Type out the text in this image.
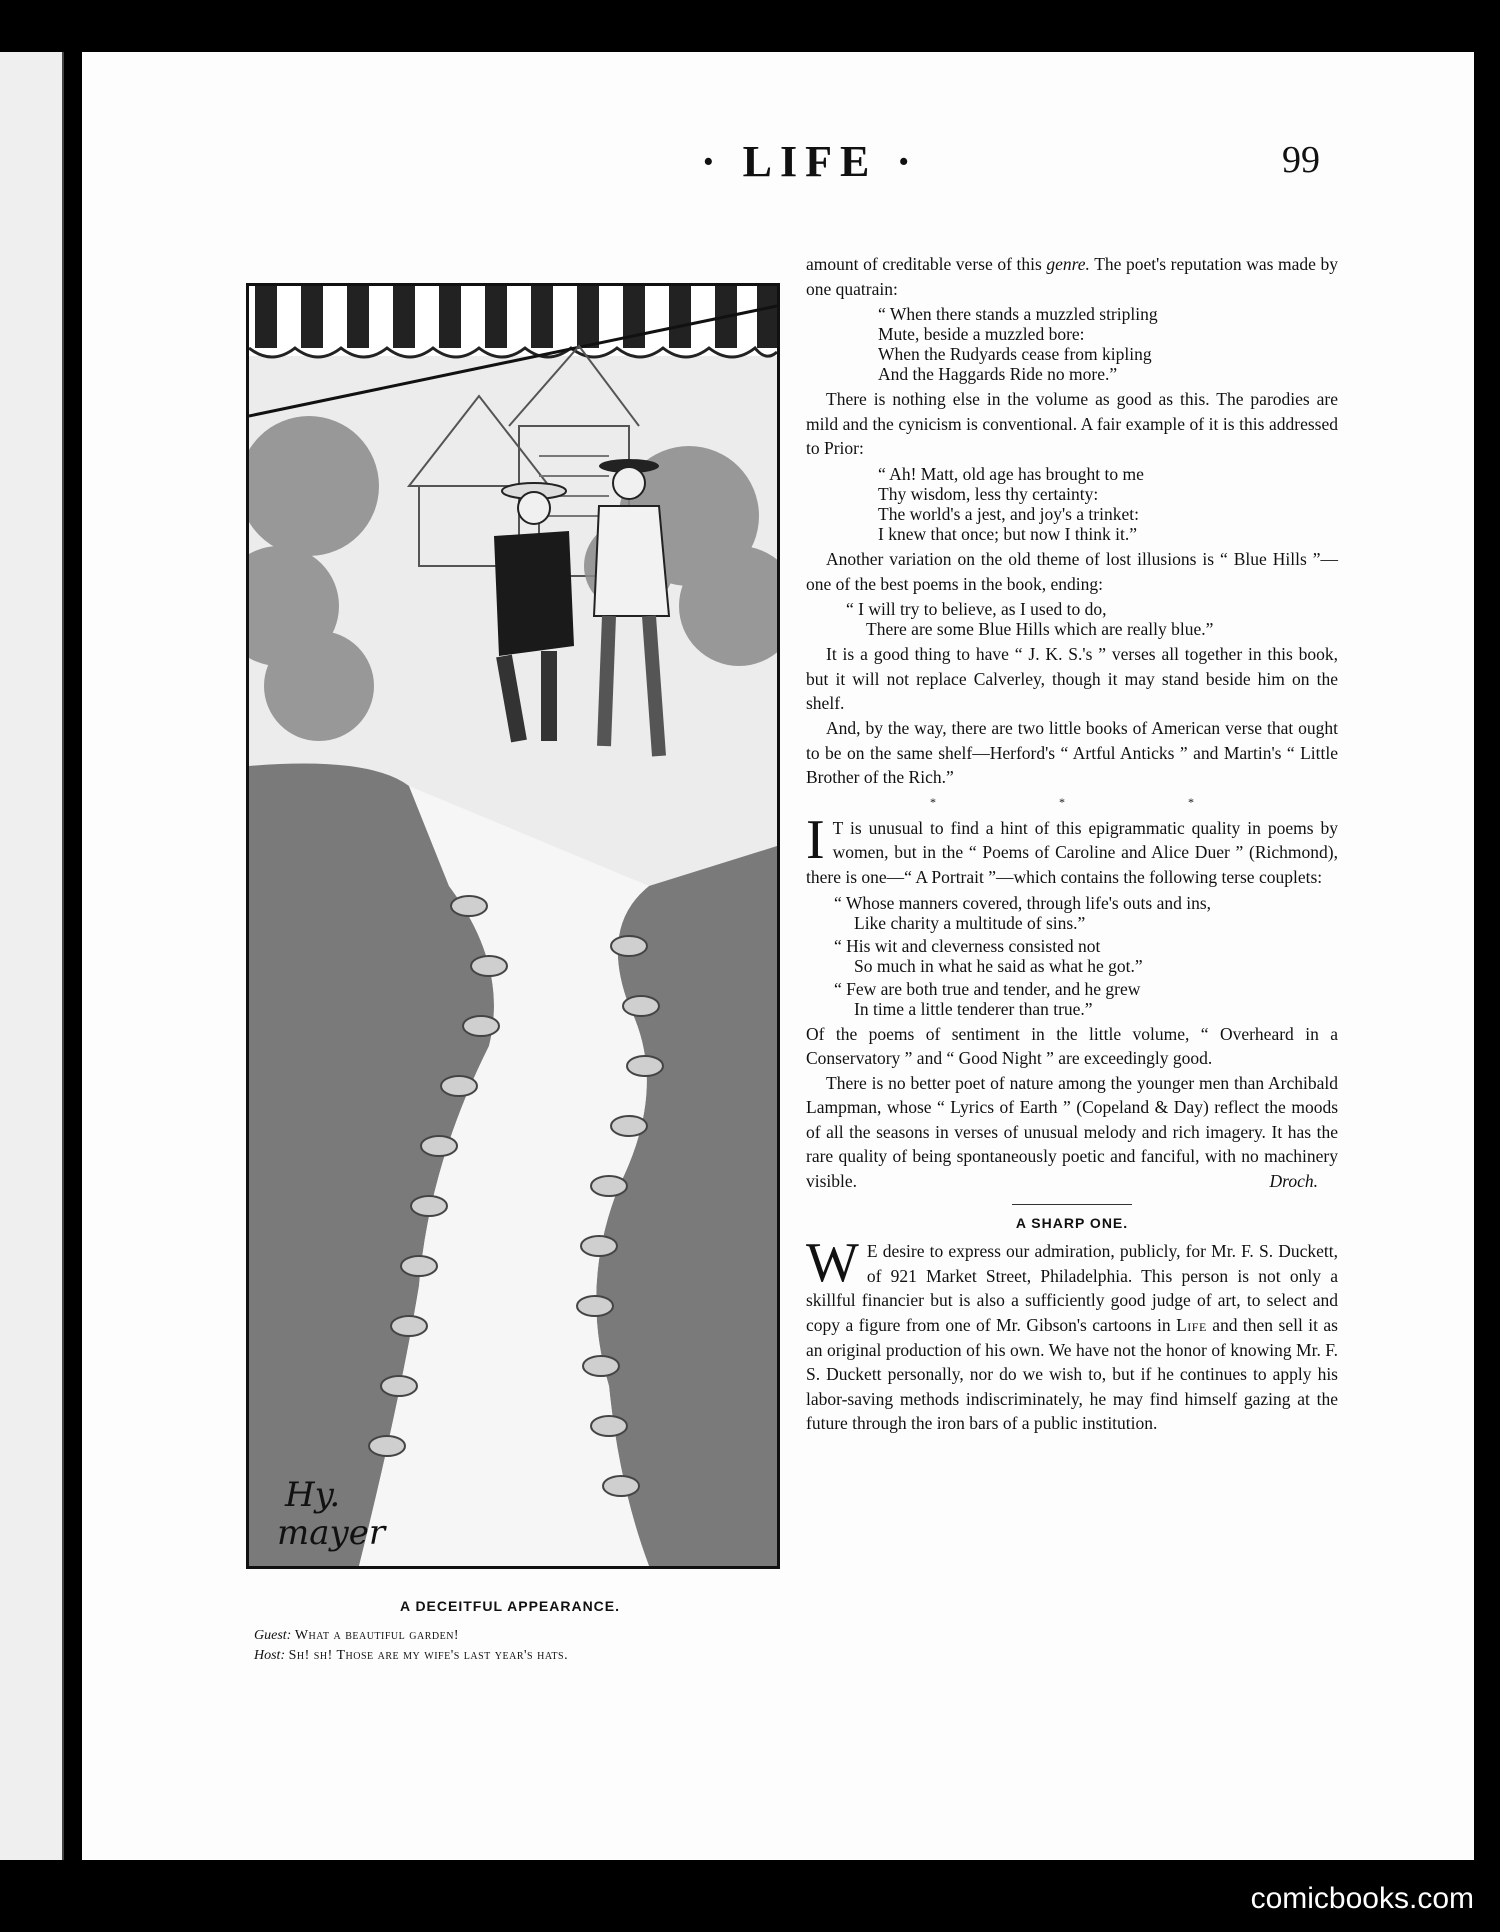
· LIFE ·	99
Hy.
mayer
A DECEITFUL APPEARANCE.
Guest: What a beautiful garden!
Host: Sh! sh! Those are my wife's last year's hats.

amount of creditable verse of this genre. The poet's reputation was made by one quatrain:

“ When there stands a muzzled stripling
Mute, beside a muzzled bore:
When the Rudyards cease from kipling
And the Haggards Ride no more.”

There is nothing else in the volume as good as this. The parodies are mild and the cynicism is conventional. A fair example of it is this addressed to Prior:

“ Ah! Matt, old age has brought to me
Thy wisdom, less thy certainty:
The world's a jest, and joy's a trinket:
I knew that once; but now I think it.”

Another variation on the old theme of lost illusions is “ Blue Hills ”—one of the best poems in the book, ending:

“ I will try to believe, as I used to do,
There are some Blue Hills which are really blue.”

It is a good thing to have “ J. K. S.'s ” verses all together in this book, but it will not replace Calverley, though it may stand beside him on the shelf.

And, by the way, there are two little books of American verse that ought to be on the same shelf—Herford's “ Artful Anticks ” and Martin's “ Little Brother of the Rich.”

* * *

I T is unusual to find a hint of this epigrammatic quality in poems by women, but in the “ Poems of Caroline and Alice Duer ” (Richmond), there is one—“ A Portrait ”—which contains the following terse couplets:

“ Whose manners covered, through life's outs and ins,
Like charity a multitude of sins.”
“ His wit and cleverness consisted not
So much in what he said as what he got.”
“ Few are both true and tender, and he grew
In time a little tenderer than true.”

Of the poems of sentiment in the little volume, “ Overheard in a Conservatory ” and “ Good Night ” are exceedingly good.

There is no better poet of nature among the younger men than Archibald Lampman, whose “ Lyrics of Earth ” (Copeland & Day) reflect the moods of all the seasons in verses of unusual melody and rich imagery. It has the rare quality of being spontaneously poetic and fanciful, with no machinery visible.	Droch.

A SHARP ONE.

W E desire to express our admiration, publicly, for Mr. F. S. Duckett, of 921 Market Street, Philadelphia. This person is not only a skillful financier but is also a sufficiently good judge of art, to select and copy a figure from one of Mr. Gibson's cartoons in Life and then sell it as an original production of his own. We have not the honor of knowing Mr. F. S. Duckett personally, nor do we wish to, but if he continues to apply his labor-saving methods indiscriminately, he may find himself gazing at the future through the iron bars of a public institution.

comicbooks.com
